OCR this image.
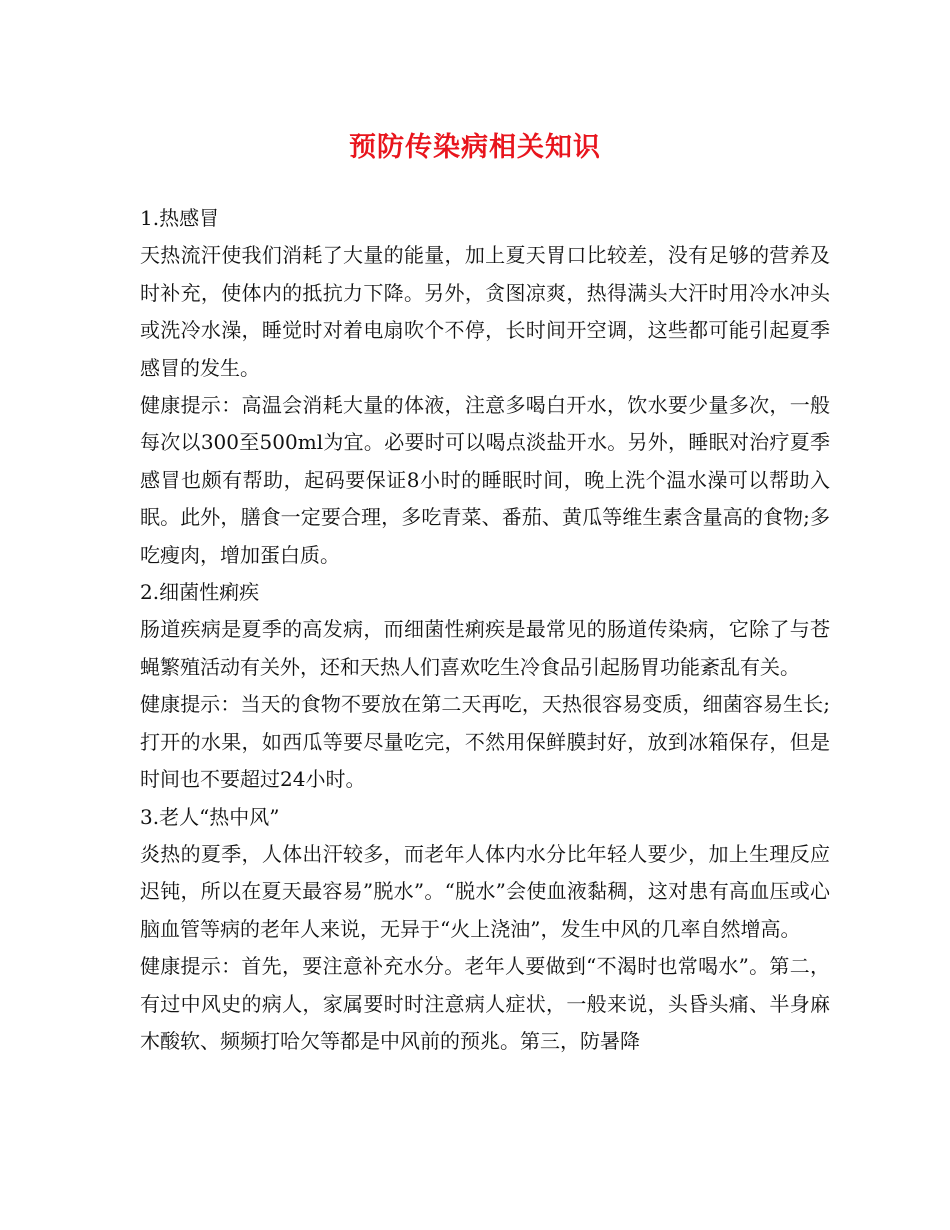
预防传染病相关知识

1.热感冒

天热流汗使我们消耗了大量的能量，加上夏天胃口比较差，没有足够的营养及时补充，使体内的抵抗力下降。另外，贪图凉爽，热得满头大汗时用冷水冲头或洗冷水澡，睡觉时对着电扇吹个不停，长时间开空调，这些都可能引起夏季感冒的发生。

健康提示：高温会消耗大量的体液，注意多喝白开水，饮水要少量多次，一般每次以300至500ml为宜。必要时可以喝点淡盐开水。另外，睡眠对治疗夏季感冒也颇有帮助，起码要保证8小时的睡眠时间，晚上洗个温水澡可以帮助入眠。此外，膳食一定要合理，多吃青菜、番茄、黄瓜等维生素含量高的食物;多吃瘦肉，增加蛋白质。

2.细菌性痢疾

肠道疾病是夏季的高发病，而细菌性痢疾是最常见的肠道传染病，它除了与苍蝇繁殖活动有关外，还和天热人们喜欢吃生冷食品引起肠胃功能紊乱有关。

健康提示：当天的食物不要放在第二天再吃，天热很容易变质，细菌容易生长;打开的水果，如西瓜等要尽量吃完，不然用保鲜膜封好，放到冰箱保存，但是时间也不要超过24小时。

3.老人“热中风”

炎热的夏季，人体出汗较多，而老年人体内水分比年轻人要少，加上生理反应迟钝，所以在夏天最容易”脱水”。“脱水”会使血液黏稠，这对患有高血压或心脑血管等病的老年人来说，无异于“火上浇油”，发生中风的几率自然增高。

健康提示：首先，要注意补充水分。老年人要做到“不渴时也常喝水”。第二，有过中风史的病人，家属要时时注意病人症状，一般来说，头昏头痛、半身麻木酸软、频频打哈欠等都是中风前的预兆。第三，防暑降
